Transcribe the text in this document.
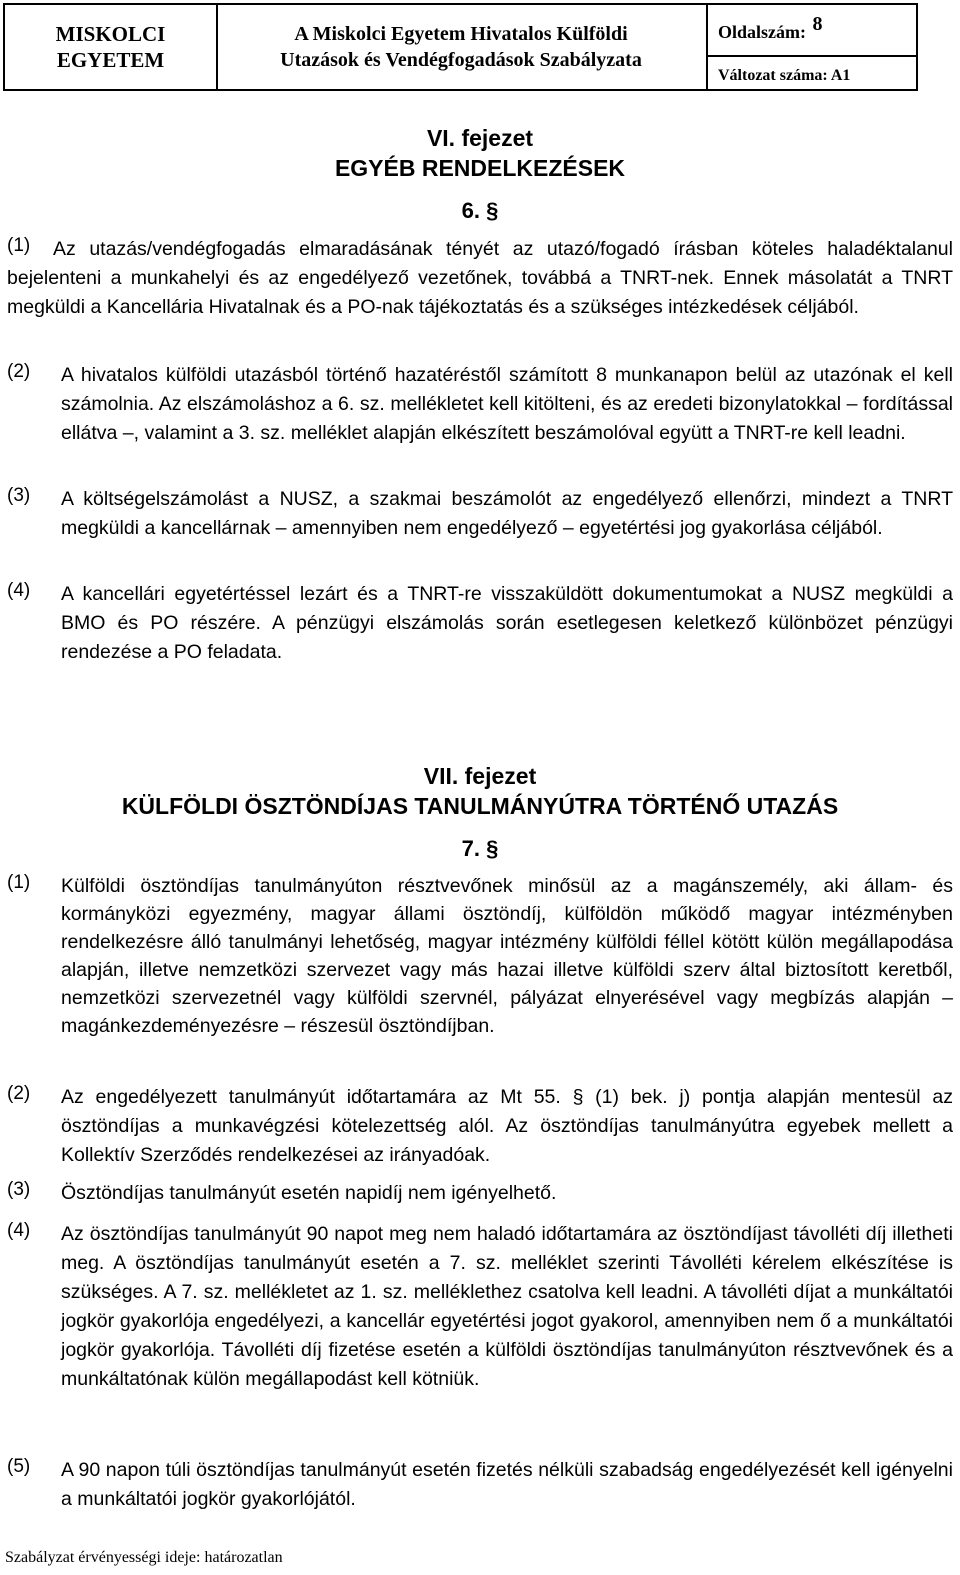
MISKOLCI
EGYETEM
A Miskolci Egyetem Hivatalos Külföldi
Utazások és Vendégfogadások Szabályzata
Oldalszám: 8
Változat száma: A1
VI. fejezet
EGYÉB RENDELKEZÉSEK
6. §
(1)	Az utazás/vendégfogadás elmaradásának tényét az utazó/fogadó írásban köteles haladéktalanul bejelenteni a munkahelyi és az engedélyező vezetőnek, továbbá a TNRT-nek. Ennek másolatát a TNRT megküldi a Kancellária Hivatalnak és a PO-nak tájékoztatás és a szükséges intézkedések céljából.
(2) A hivatalos külföldi utazásból történő hazatéréstől számított 8 munkanapon belül az utazónak el kell számolnia. Az elszámoláshoz a 6. sz. mellékletet kell kitölteni, és az eredeti bizonylatokkal – fordítással ellátva –, valamint a 3. sz. melléklet alapján elkészített beszámolóval együtt a TNRT-re kell leadni.
(3) A költségelszámolást a NUSZ, a szakmai beszámolót az engedélyező ellenőrzi, mindezt a TNRT megküldi a kancellárnak – amennyiben nem engedélyező – egyetértési jog gyakorlása céljából.
(4) A kancellári egyetértéssel lezárt és a TNRT-re visszaküldött dokumentumokat a NUSZ megküldi a BMO és PO részére. A pénzügyi elszámolás során esetlegesen keletkező különbözet pénzügyi rendezése a PO feladata.
VII. fejezet
KÜLFÖLDI ÖSZTÖNDÍJAS TANULMÁNYÚTRA TÖRTÉNŐ UTAZÁS
7. §
(1) Külföldi ösztöndíjas tanulmányúton résztvevőnek minősül az a magánszemély, aki állam- és kormányközi egyezmény, magyar állami ösztöndíj, külföldön működő magyar intézményben rendelkezésre álló tanulmányi lehetőség, magyar intézmény külföldi féllel kötött külön megállapodása alapján, illetve nemzetközi szervezet vagy más hazai illetve külföldi szerv által biztosított keretből, nemzetközi szervezetnél vagy külföldi szervnél, pályázat elnyerésével vagy megbízás alapján – magánkezdeményezésre – részesül ösztöndíjban.
(2) Az engedélyezett tanulmányút időtartamára az Mt 55. § (1) bek. j) pontja alapján mentesül az ösztöndíjas a munkavégzési kötelezettség alól. Az ösztöndíjas tanulmányútra egyebek mellett a Kollektív Szerződés rendelkezései az irányadóak.
(3) Ösztöndíjas tanulmányút esetén napidíj nem igényelhető.
(4) Az ösztöndíjas tanulmányút 90 napot meg nem haladó időtartamára az ösztöndíjast távolléti díj illetheti meg. A ösztöndíjas tanulmányút esetén a 7. sz. melléklet szerinti Távolléti kérelem elkészítése is szükséges. A 7. sz. mellékletet az 1. sz. melléklethez csatolva kell leadni. A távolléti díjat a munkáltatói jogkör gyakorlója engedélyezi, a kancellár egyetértési jogot gyakorol, amennyiben nem ő a munkáltatói jogkör gyakorlója. Távolléti díj fizetése esetén a külföldi ösztöndíjas tanulmányúton résztvevőnek és a munkáltatónak külön megállapodást kell kötniük.
(5) A 90 napon túli ösztöndíjas tanulmányút esetén fizetés nélküli szabadság engedélyezését kell igényelni a munkáltatói jogkör gyakorlójától.
Szabályzat érvényességi ideje: határozatlan
